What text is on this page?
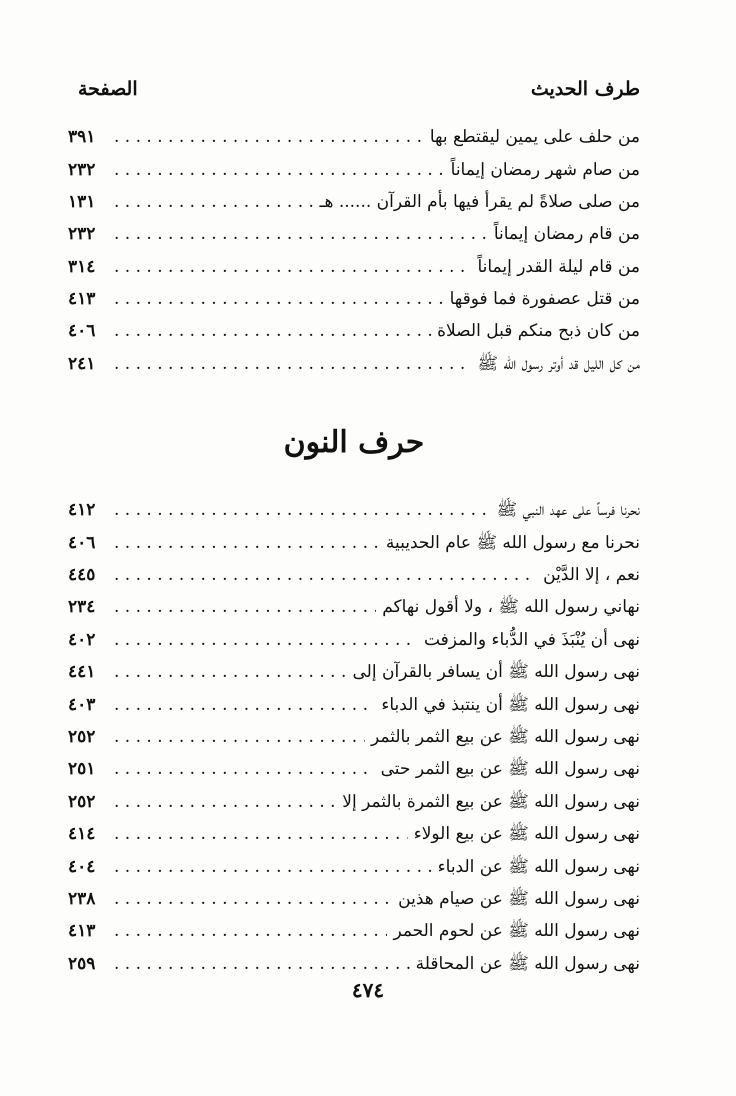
طرف الحديث
الصفحة
من حلف على يمين ليقتطع بها
. . .
٣٩١
من صام شهر رمضان إيماناً
. . .
٢٣٢
من صلى صلاةً لم يقرأ فيها بأم القرآن ...... هـ
. . .
١٣١
من قام رمضان إيماناً
. . .
٢٣٢
من قام ليلة القدر إيماناً
. . .
٣١٤
من قتل عصفورة فما فوقها
. . .
٤١٣
من كان ذبح منكم قبل الصلاة
. . .
٤٠٦
من كل الليل قد أوتر رسول الله ﷺ
. . .
٢٤١
حرف النون
نحرنا فرساً على عهد النبي ﷺ
. . .
٤١٢
نحرنا مع رسول الله ﷺ عام الحديبية
. . .
٤٠٦
نعم ، إلا الدَّيْن
. . .
٤٤٥
نهاني رسول الله ﷺ ، ولا أقول نهاكم
. . .
٢٣٤
نهى أن يُنْبَذَ في الدُّباء والمزفت
. . .
٤٠٢
نهى رسول الله ﷺ أن يسافر بالقرآن إلى
. . .
٤٤١
نهى رسول الله ﷺ أن ينتبذ في الدباء
. . .
٤٠٣
نهى رسول الله ﷺ عن بيع الثمر بالثمر
. . .
٢٥٢
نهى رسول الله ﷺ عن بيع الثمر حتى
. . .
٢٥١
نهى رسول الله ﷺ عن بيع الثمرة بالثمر إلا
. . .
٢٥٢
نهى رسول الله ﷺ عن بيع الولاء
. . .
٤١٤
نهى رسول الله ﷺ عن الدباء
. . .
٤٠٤
نهى رسول الله ﷺ عن صيام هذين
. . .
٢٣٨
نهى رسول الله ﷺ عن لحوم الحمر
. . .
٤١٣
نهى رسول الله ﷺ عن المحاقلة
. . .
٢٥٩
٤٧٤
